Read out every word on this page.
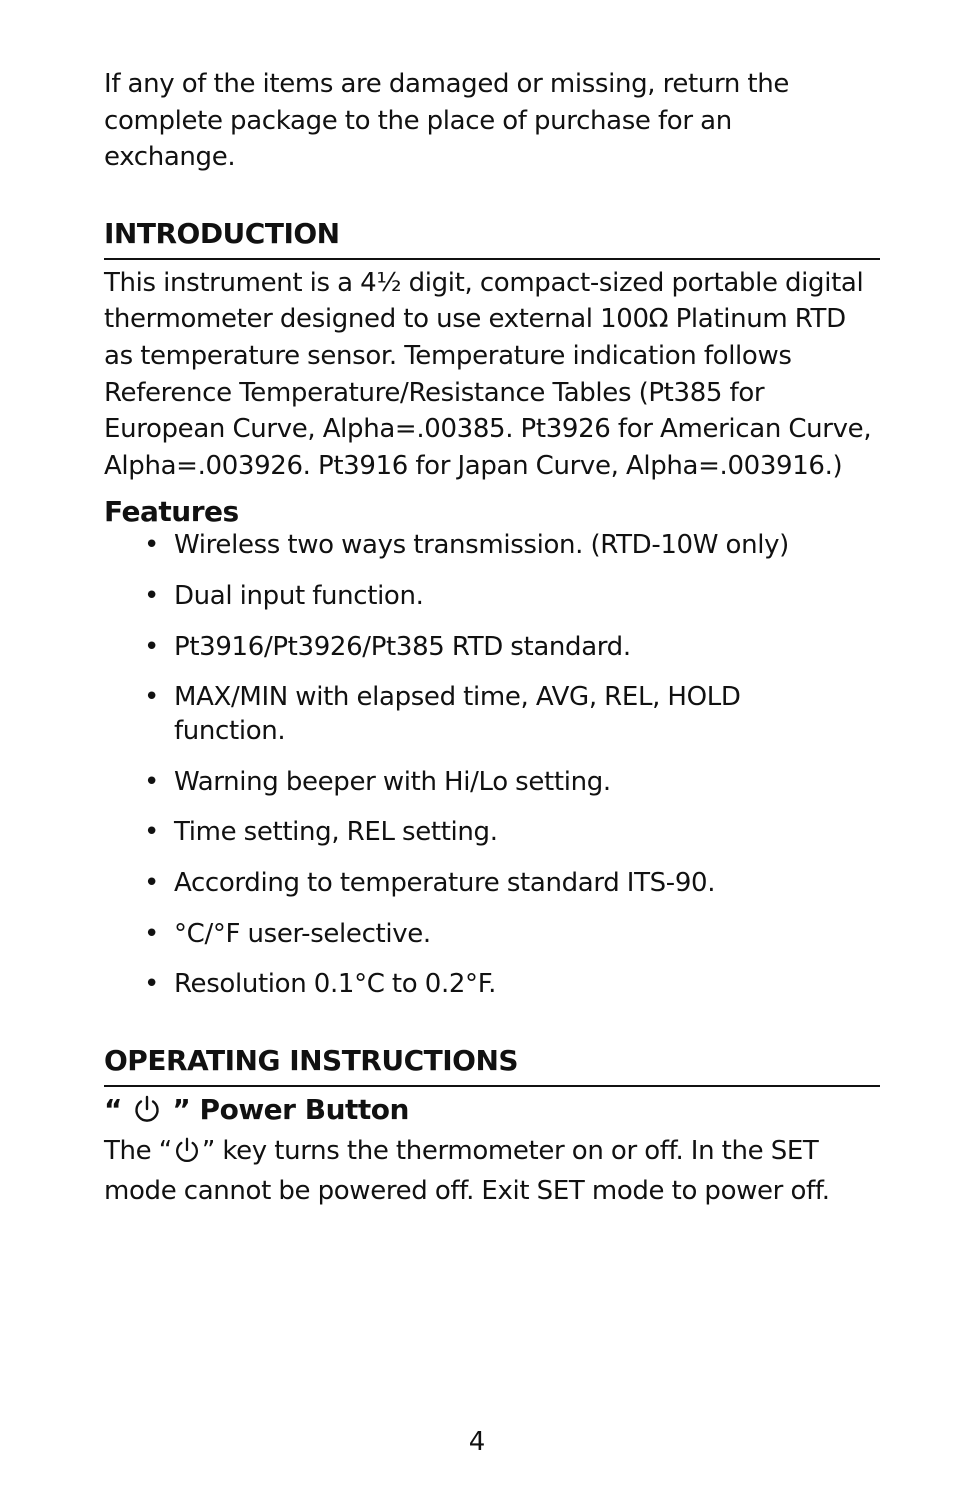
If any of the items are damaged or missing, return the complete package to the place of purchase for an exchange.

INTRODUCTION

This instrument is a 4½ digit, compact-sized portable digital thermometer designed to use external 100Ω Platinum RTD as temperature sensor. Temperature indication follows Reference Temperature/Resistance Tables (Pt385 for European Curve, Alpha=.00385. Pt3926 for American Curve, Alpha=.003926. Pt3916 for Japan Curve, Alpha=.003916.)

Features
• Wireless two ways transmission. (RTD-10W only)
• Dual input function.
• Pt3916/Pt3926/Pt385 RTD standard.
• MAX/MIN with elapsed time, AVG, REL, HOLD function.
• Warning beeper with Hi/Lo setting.
• Time setting, REL setting.
• According to temperature standard ITS-90.
• °C/°F user-selective.
• Resolution 0.1°C to 0.2°F.
OPERATING INSTRUCTIONS
“ ” Power Button

The “ ” key turns the thermometer on or off. In the SET mode cannot be powered off. Exit SET mode to power off.

4
